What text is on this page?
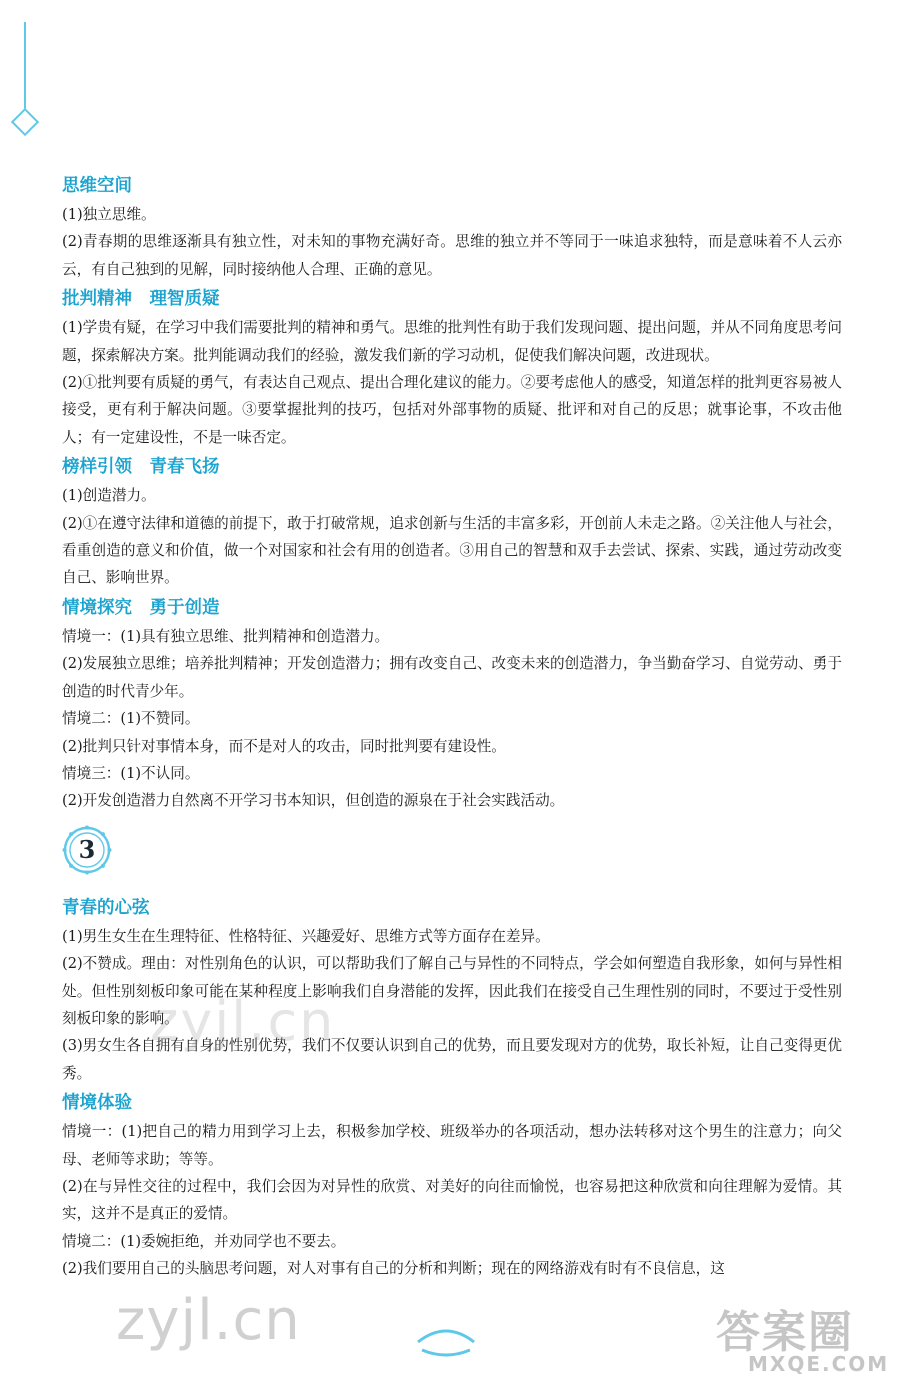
思维空间

(1)独立思维。

(2)青春期的思维逐渐具有独立性，对未知的事物充满好奇。思维的独立并不等同于一味追求独特，而是意味着不人云亦云，有自己独到的见解，同时接纳他人合理、正确的意见。

批判精神　理智质疑

(1)学贵有疑，在学习中我们需要批判的精神和勇气。思维的批判性有助于我们发现问题、提出问题，并从不同角度思考问题，探索解决方案。批判能调动我们的经验，激发我们新的学习动机，促使我们解决问题，改进现状。

(2)①批判要有质疑的勇气，有表达自己观点、提出合理化建议的能力。②要考虑他人的感受，知道怎样的批判更容易被人接受，更有利于解决问题。③要掌握批判的技巧，包括对外部事物的质疑、批评和对自己的反思；就事论事，不攻击他人；有一定建设性，不是一味否定。

榜样引领　青春飞扬

(1)创造潜力。

(2)①在遵守法律和道德的前提下，敢于打破常规，追求创新与生活的丰富多彩，开创前人未走之路。②关注他人与社会，看重创造的意义和价值，做一个对国家和社会有用的创造者。③用自己的智慧和双手去尝试、探索、实践，通过劳动改变自己、影响世界。

情境探究　勇于创造

情境一：(1)具有独立思维、批判精神和创造潜力。

(2)发展独立思维；培养批判精神；开发创造潜力；拥有改变自己、改变未来的创造潜力，争当勤奋学习、自觉劳动、勇于创造的时代青少年。

情境二：(1)不赞同。

(2)批判只针对事情本身，而不是对人的攻击，同时批判要有建设性。

情境三：(1)不认同。

(2)开发创造潜力自然离不开学习书本知识，但创造的源泉在于社会实践活动。

3
青春的心弦

(1)男生女生在生理特征、性格特征、兴趣爱好、思维方式等方面存在差异。

(2)不赞成。理由：对性别角色的认识，可以帮助我们了解自己与异性的不同特点，学会如何塑造自我形象，如何与异性相处。但性别刻板印象可能在某种程度上影响我们自身潜能的发挥，因此我们在接受自己生理性别的同时，不要过于受性别刻板印象的影响。

(3)男女生各自拥有自身的性别优势，我们不仅要认识到自己的优势，而且要发现对方的优势，取长补短，让自己变得更优秀。

情境体验

情境一：(1)把自己的精力用到学习上去，积极参加学校、班级举办的各项活动，想办法转移对这个男生的注意力；向父母、老师等求助；等等。

(2)在与异性交往的过程中，我们会因为对异性的欣赏、对美好的向往而愉悦，也容易把这种欣赏和向往理解为爱情。其实，这并不是真正的爱情。

情境二：(1)委婉拒绝，并劝同学也不要去。

(2)我们要用自己的头脑思考问题，对人对事有自己的分析和判断；现在的网络游戏有时有不良信息，这

zyjl.cn
zyjl.cn	答案圈
MXQE.COM
